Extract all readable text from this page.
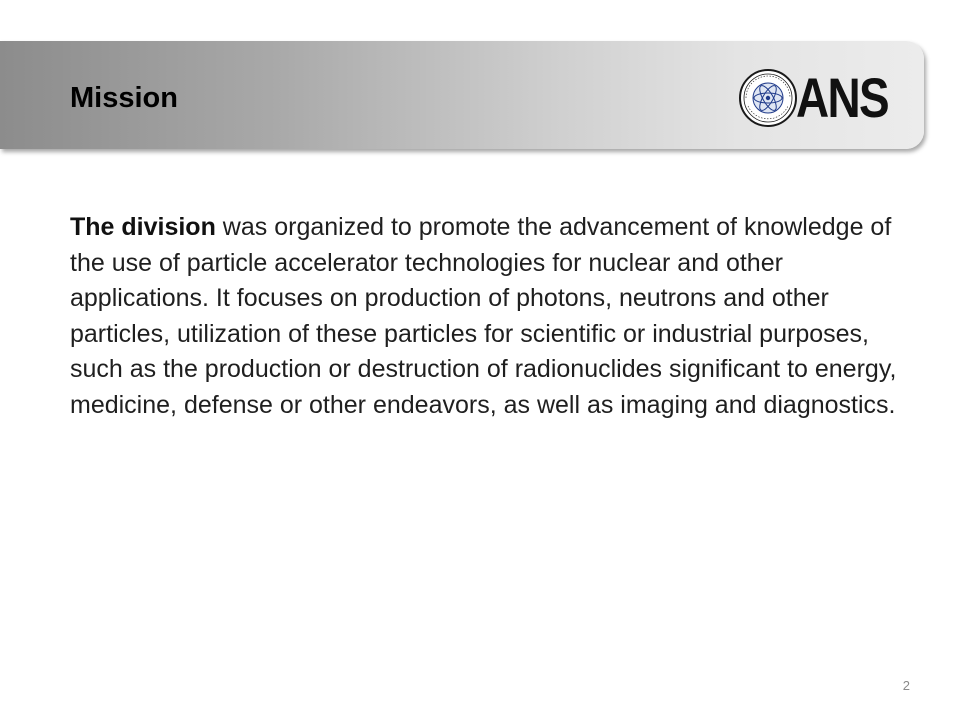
Mission	ANS
The division was organized to promote the advancement of knowledge of the use of particle accelerator technologies for nuclear and other applications. It focuses on production of photons, neutrons and other particles, utilization of these particles for scientific or industrial purposes, such as the production or destruction of radionuclides significant to energy, medicine, defense or other endeavors, as well as imaging and diagnostics.
2
